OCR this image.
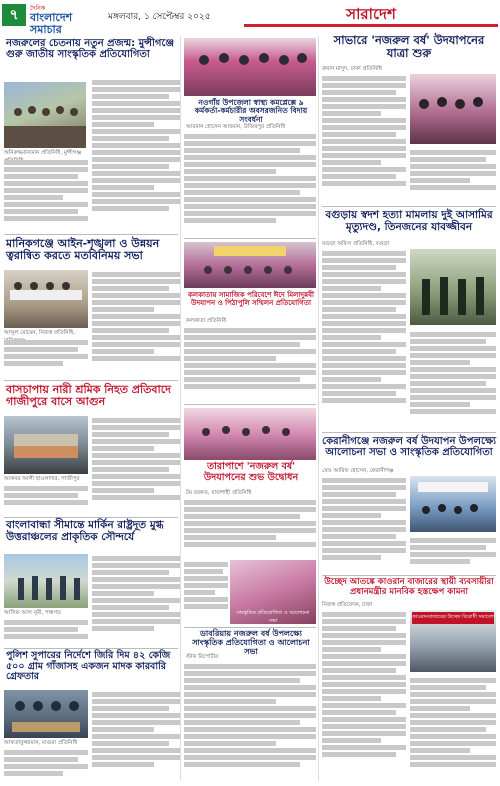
৭	দৈনিক
বাংলাদেশ সমাচার
মঙ্গলবার, ১ সেপ্টেম্বর ২০২৫	সারাদেশ
নজরুলের চেতনায় নতুন প্রজন্ম: মুন্সীগঞ্জে গুরু জাতীয় সাংস্কৃতিক প্রতিযোগিতা
অনিরুদ্ধমান্যমান প্রতিনিধি, মুন্সীগঞ্জ
মানিকগঞ্জে আইন-শৃঙ্খলা ও উন্নয়ন ত্বরান্বিত করতে মতবিনিময় সভা
আব্দুল মোমেন, নিজস্ব প্রতিনিধি,
বাসচাপায় নারী শ্রমিক নিহত প্রতিবাদে গাজীপুরে বাসে আগুন
আকবর আলী হাওলাদার, গাজীপুর
বাংলাবান্ধা সীমান্তে মার্কিন রাষ্ট্রদূত মুগ্ধ উত্তরাঞ্চলের প্রাকৃতিক সৌন্দর্যে
আসিফ আল নূরী, পঞ্চগড়
পুলিশ সুপারের নির্দেশে জিরি দিম ৪২ কেজি ৫০০ গ্রাম গাঁজাসহ একজন মাদক কারবারি গ্রেফতার
আফতাবুজ্জামান, মাগুরা প্রতিনিধি
নওগাঁয় উপজেলা স্বাস্থ্য কমপ্লেক্সে ৯ কর্মকর্তা-কর্মচারীর অবসরজনিত বিদায় সংবর্ধনা
আরমান হোসেন আরমান, উজিরপুর প্রতিনিধি
কলকাতায় সামাজিক পরিবেশে ঈদে মিলাদুন্নবী উদযাপন ও পিঠাপুলি সম্মিলন প্রতিযোগিতা
কলকাতা প্রতিনিধি
তারাপাশে 'নজরুল বর্ষ' উদযাপনের শুভ উদ্বোধন
টম বরকত, রাজশাহী প্রতিনিধি
সাংস্কৃতিক প্রতিযোগিতা ও আলোচনা সভা
ডাবরিয়ায় নজরুল বর্ষ উপলক্ষ্যে সাংস্কৃতিক প্রতিযোগিতা ও আলোচনা সভা
স্টাফ রিপোর্টার
সাভারে 'নজরুল বর্ষ' উদযাপনের যাত্রা শুরু
রুমান মাসুদ, ঢাকা প্রতিনিধি
বগুড়ায় স্বদশ হত্যা মামলায় দুই আসামির মৃত্যুদণ্ড, তিনজনের যাবজ্জীবন
বগুড়া অফিস প্রতিনিধি, বগুড়া
কেরানীগঞ্জে নজরুল বর্ষ উদযাপন উপলক্ষ্যে আলোচনা সভা ও সাংস্কৃতিক প্রতিযোগিতা
মোঃ আরিফ হোসেন, কেরানীগঞ্জ
উচ্ছেদ আতঙ্কে কাওরান বাজারের স্থায়ী ব্যবসায়ীরা প্রধানমন্ত্রীর মানবিক হস্তক্ষেপ কামনা
নিজস্ব প্রতিবেদক, ঢাকা
কাওরানবাজারের উচ্ছেদ বিরোধী সমাবেশ
